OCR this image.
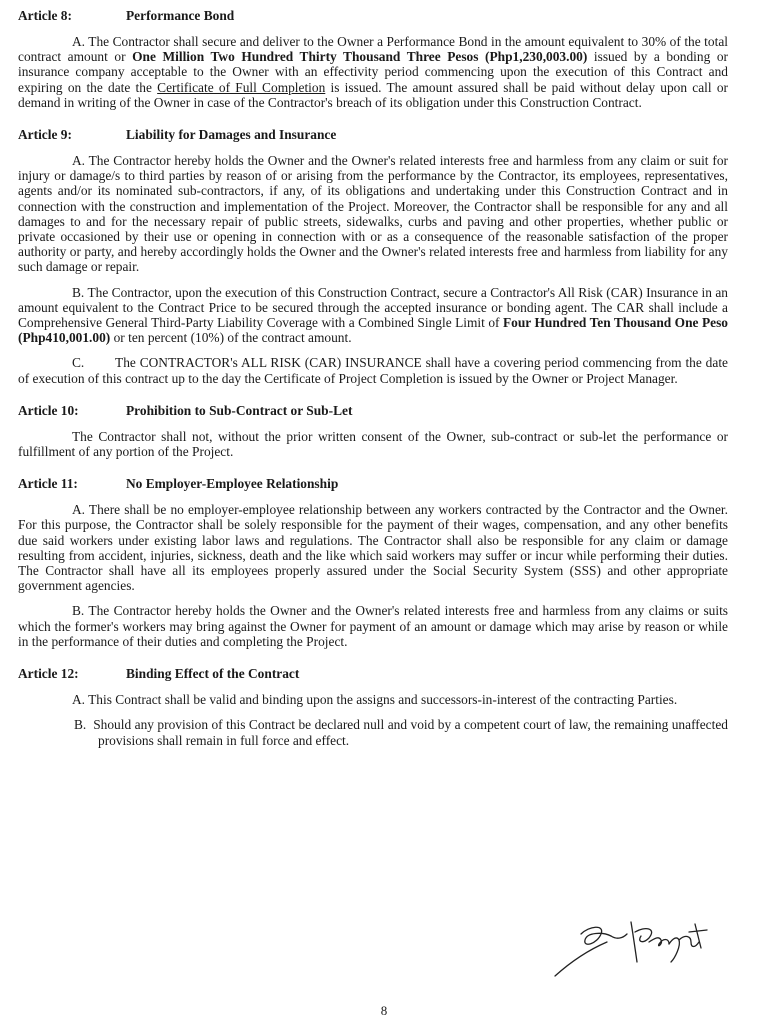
Article 8:	Performance Bond

A. The Contractor shall secure and deliver to the Owner a Performance Bond in the amount equivalent to 30% of the total contract amount or One Million Two Hundred Thirty Thousand Three Pesos (Php1,230,003.00) issued by a bonding or insurance company acceptable to the Owner with an effectivity period commencing upon the execution of this Contract and expiring on the date the Certificate of Full Completion is issued. The amount assured shall be paid without delay upon call or demand in writing of the Owner in case of the Contractor's breach of its obligation under this Construction Contract.

Article 9:	Liability for Damages and Insurance

A. The Contractor hereby holds the Owner and the Owner's related interests free and harmless from any claim or suit for injury or damage/s to third parties by reason of or arising from the performance by the Contractor, its employees, representatives, agents and/or its nominated sub-contractors, if any, of its obligations and undertaking under this Construction Contract and in connection with the construction and implementation of the Project. Moreover, the Contractor shall be responsible for any and all damages to and for the necessary repair of public streets, sidewalks, curbs and paving and other properties, whether public or private occasioned by their use or opening in connection with or as a consequence of the reasonable satisfaction of the proper authority or party, and hereby accordingly holds the Owner and the Owner's related interests free and harmless from liability for any such damage or repair.

B. The Contractor, upon the execution of this Construction Contract, secure a Contractor's All Risk (CAR) Insurance in an amount equivalent to the Contract Price to be secured through the accepted insurance or bonding agent. The CAR shall include a Comprehensive General Third-Party Liability Coverage with a Combined Single Limit of Four Hundred Ten Thousand One Peso (Php410,001.00) or ten percent (10%) of the contract amount.

C.        The CONTRACTOR's ALL RISK (CAR) INSURANCE shall have a covering period commencing from the date of execution of this contract up to the day the Certificate of Project Completion is issued by the Owner or Project Manager.

Article 10:	Prohibition to Sub-Contract or Sub-Let

The Contractor shall not, without the prior written consent of the Owner, sub-contract or sub-let the performance or fulfillment of any portion of the Project.

Article 11:	No Employer-Employee Relationship

A. There shall be no employer-employee relationship between any workers contracted by the Contractor and the Owner. For this purpose, the Contractor shall be solely responsible for the payment of their wages, compensation, and any other benefits due said workers under existing labor laws and regulations. The Contractor shall also be responsible for any claim or damage resulting from accident, injuries, sickness, death and the like which said workers may suffer or incur while performing their duties. The Contractor shall have all its employees properly assured under the Social Security System (SSS) and other appropriate government agencies.

B. The Contractor hereby holds the Owner and the Owner's related interests free and harmless from any claims or suits which the former's workers may bring against the Owner for payment of an amount or damage which may arise by reason or while in the performance of their duties and completing the Project.

Article 12:	Binding Effect of the Contract

A. This Contract shall be valid and binding upon the assigns and successors-in-interest of the contracting Parties.

B.  Should any provision of this Contract be declared null and void by a competent court of law, the remaining unaffected provisions shall remain in full force and effect.

8
